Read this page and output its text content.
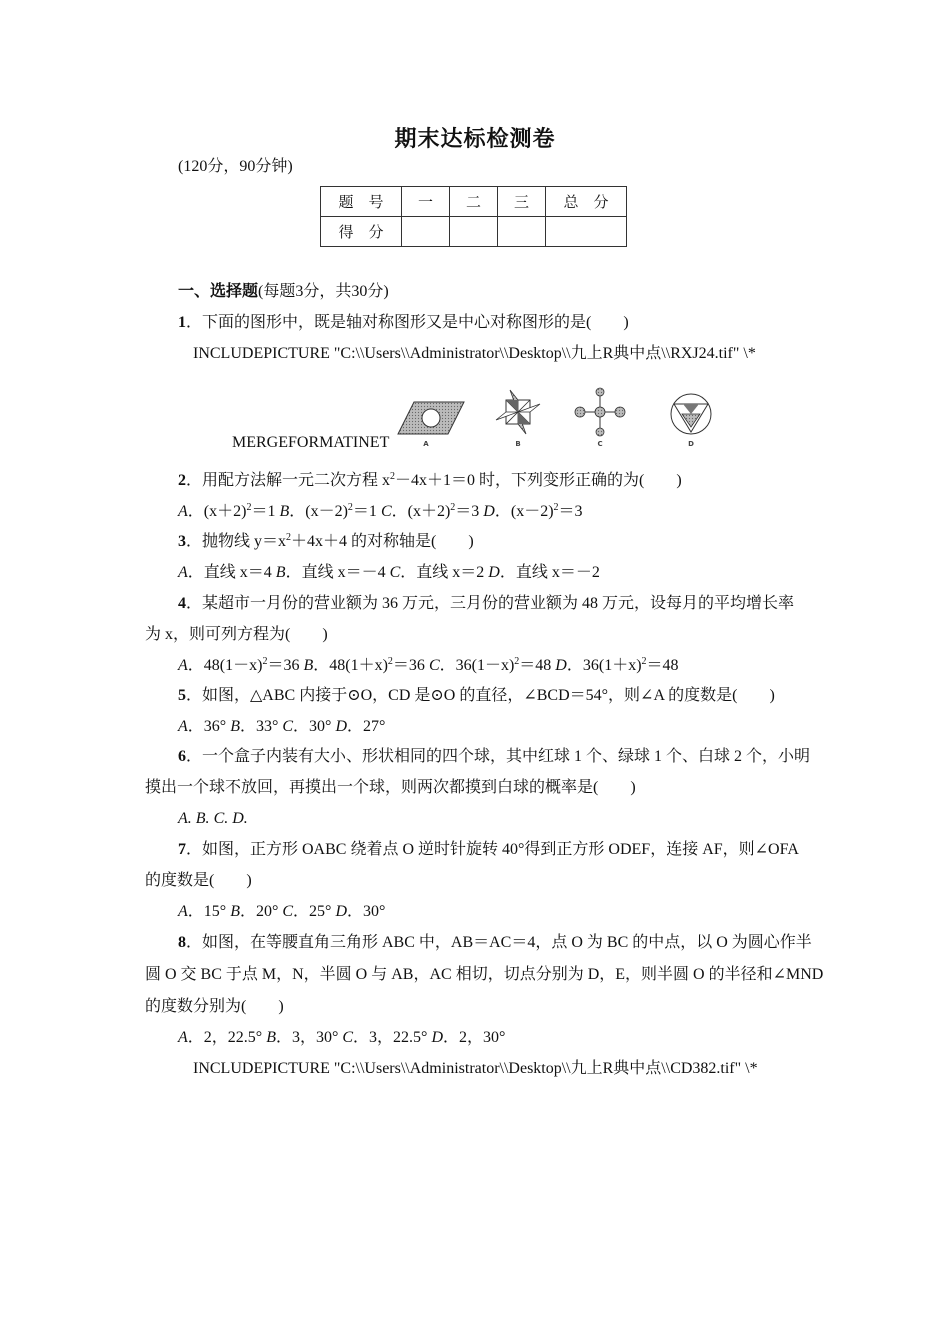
期末达标检测卷
(120分，90分钟)
题　号	一	二	三	总　分
得　分				
一、选择题(每题3分，共30分)
1．下面的图形中，既是轴对称图形又是中心对称图形的是(　　)
INCLUDEPICTURE "C:\\Users\\Administrator\\Desktop\\九上R典中点\\RXJ24.tif" \*
A	B	C	D
MERGEFORMATINET
2．用配方法解一元二次方程 $x^2-4x+1=0$ 时，下列变形正确的为(　　)
A．$(x+2)^2=1$ B．$(x-2)^2=1$ C．$(x+2)^2=3$ D．$(x-2)^2=3$
3．抛物线 $y=x^2+4x+4$ 的对称轴是(　　)
A．直线 x＝4 B．直线 x＝－4 C．直线 x＝2 D．直线 x＝－2
4．某超市一月份的营业额为 36 万元，三月份的营业额为 48 万元，设每月的平均增长率
为 x，则可列方程为(　　)
A．$48(1-x)^2=36$ B．$48(1+x)^2=36$ C．$36(1-x)^2=48$ D．$36(1+x)^2=48$
5．如图，△ABC 内接于⊙O，CD 是⊙O 的直径，∠BCD＝54°，则∠A 的度数是(　　)
A．36° B．33° C．30° D．27°
6．一个盒子内装有大小、形状相同的四个球，其中红球 1 个、绿球 1 个、白球 2 个，小明
摸出一个球不放回，再摸出一个球，则两次都摸到白球的概率是(　　)
A. B. C. D.
7．如图，正方形 OABC 绕着点 O 逆时针旋转 40°得到正方形 ODEF，连接 AF，则∠OFA
的度数是(　　)
A．15° B．20° C．25° D．30°
8．如图，在等腰直角三角形 ABC 中，AB＝AC＝4，点 O 为 BC 的中点，以 O 为圆心作半
圆 O 交 BC 于点 M，N，半圆 O 与 AB，AC 相切，切点分别为 D，E，则半圆 O 的半径和∠MND
的度数分别为(　　)
A．2，22.5° B．3，30° C．3，22.5° D．2，30°
INCLUDEPICTURE "C:\\Users\\Administrator\\Desktop\\九上R典中点\\CD382.tif" \*
